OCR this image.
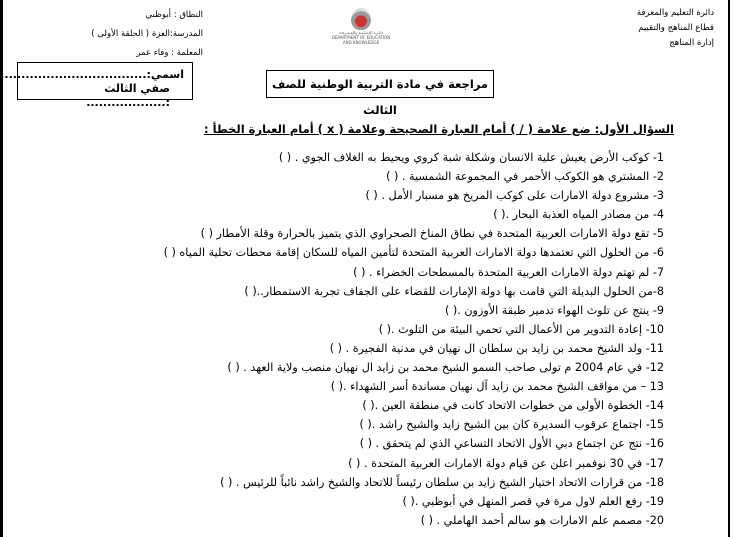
دائرة التعليم والمعرفة
قطاع المناهج والتقييم
إدارة المناهج
دائـرة التـعـليـم والمـعـرفـة
DEPARTMENT OF EDUCATION
AND KNOWLEDGE
النطاق : أبوظبي
المدرسة:العزة ( الحلقة الأولى )
المعلمة : وفاء عمر
اسمي:...................................
صفي الثالث :...................
مراجعة في مادة التربية الوطنية للصف الثالث
السؤال الأول: ضع علامة ( / ) أمام العبارة الصحيحة وعلامة ( x ) أمام العبارة الخطأ :
1- كوكب الأرض يعيش علية الانسان وشكلة شبة كروي ويحيط به الغلاف الجوي . ( )
2- المشتري هو الكوكب الأحمر في المجموعة الشمسية . ( )
3- مشروع دولة الامارات على كوكب المريخ هو مسبار الأمل . ( )
4- من مصادر المياه العذبة البحار .( )
5- تقع دولة الامارات العربية المتحدة في نطاق المناخ الصحراوي الذي يتميز بالحرارة وقلة الأمطار ( )
6- من الحلول التي تعتمدها دولة الامارات العربية المتحدة لتأمين المياه للسكان إقامة محطات تحلية المياه ( )
7- لم تهتم دولة الامارات العربية المتحدة بالمسطحات الخضراء . ( )
8-من الحلول البديلة التي قامت بها دولة الإمارات للقضاء على الجفاف تجربة الاستمطار..( )
9- ينتج عن تلوث الهواء تدمير طبقة الأوزون .( )
10- إعادة التدوير من الأعمال التي تحمي البيئة من التلوث .( )
11- ولد الشيخ محمد بن زايد بن سلطان ال نهيان في مدنية الفجيرة . ( )
12- في عام 2004 م تولى صاحب السمو الشيخ محمد بن زايد ال نهيان منصب ولاية العهد . ( )
13 – من مواقف الشيخ محمد بن زايد آل نهيان مساندة أسر الشهداء .( )
14- الخطوة الأولى من خطوات الاتحاد كانت في منطقة العين .( )
15- اجتماع عرقوب السديرة كان بين الشيخ زايد والشيخ راشد .( )
16- نتج عن اجتماع دبي الأول الاتحاد التساعي الذي لم يتحقق . ( )
17- في 30 نوفمبر اعلن عن قيام دولة الامارات العربية المتحدة . ( )
18- من قرارات الاتحاد اختيار الشيخ زايد بن سلطان رئيساً للاتحاد والشيخ راشد نائباً للرئيس . ( )
19- رفع العلم لاول مرة في قصر المنهل في أبوظبي .( )
20- مصمم علم الامارات هو سالم أحمد الهاملي . ( )
